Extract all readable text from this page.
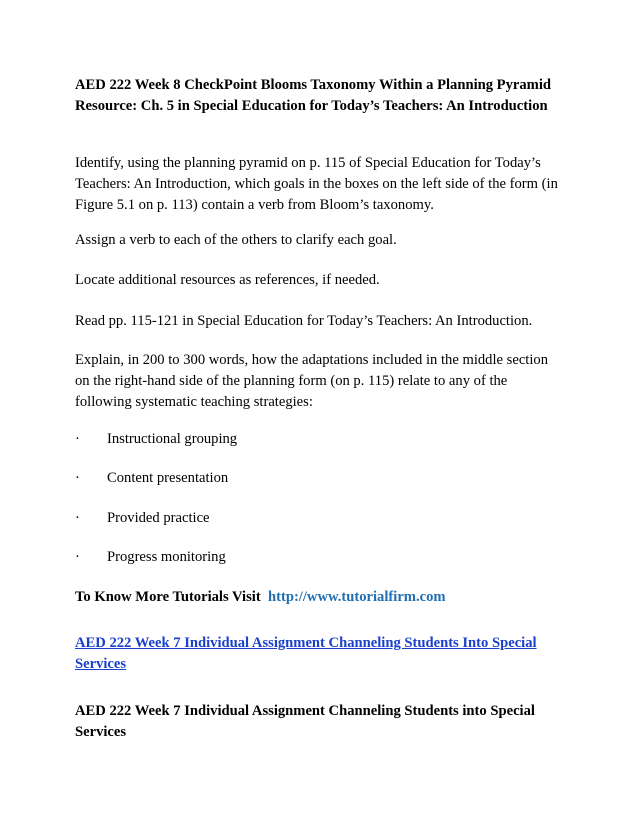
AED 222 Week 8 CheckPoint Blooms Taxonomy Within a Planning Pyramid
Resource: Ch. 5 in Special Education for Today’s Teachers: An Introduction

Identify, using the planning pyramid on p. 115 of Special Education for Today’s Teachers: An Introduction, which goals in the boxes on the left side of the form (in Figure 5.1 on p. 113) contain a verb from Bloom’s taxonomy.

Assign a verb to each of the others to clarify each goal.

Locate additional resources as references, if needed.

Read pp. 115-121 in Special Education for Today’s Teachers: An Introduction.

Explain, in 200 to 300 words, how the adaptations included in the middle section on the right-hand side of the planning form (on p. 115) relate to any of the following systematic teaching strategies:

· Instructional grouping
· Content presentation
· Provided practice
· Progress monitoring
To Know More Tutorials Visit http://www.tutorialfirm.com
AED 222 Week 7 Individual Assignment Channeling Students Into Special Services
AED 222 Week 7 Individual Assignment Channeling Students into Special Services
